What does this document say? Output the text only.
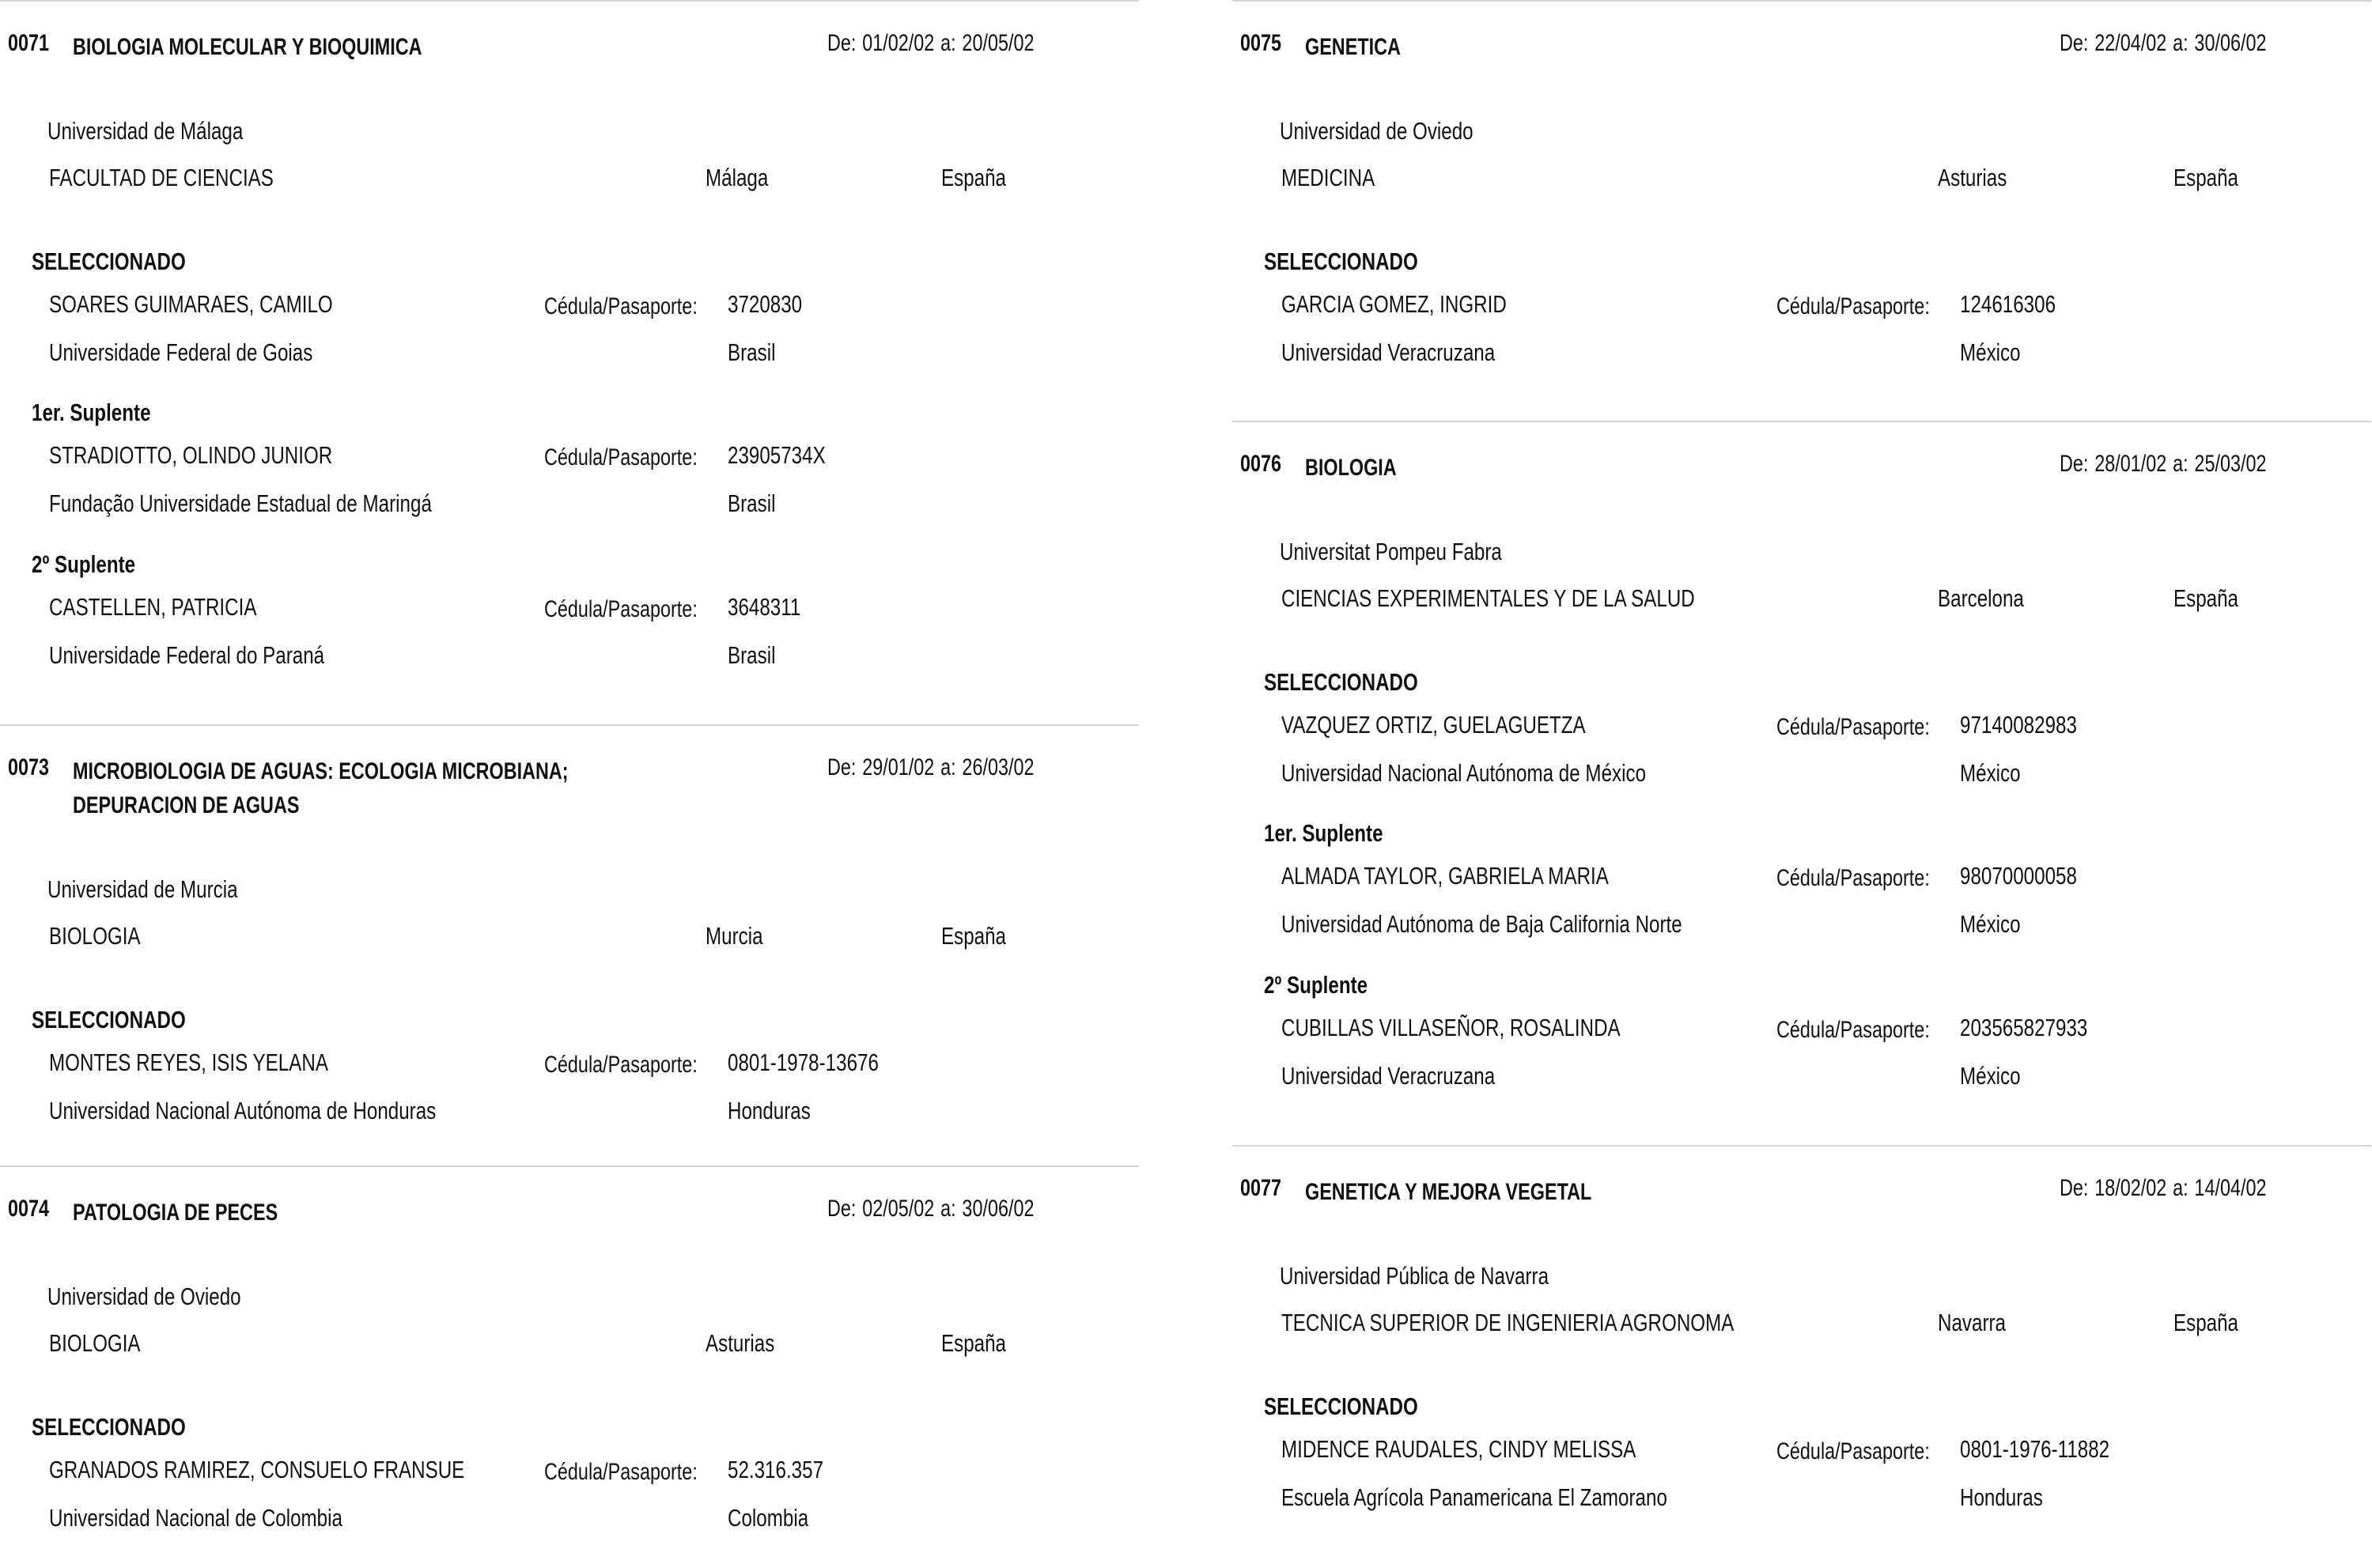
0071 BIOLOGIA MOLECULAR Y BIOQUIMICA	De: 01/02/02 a: 20/05/02
Universidad de Málaga
FACULTAD DE CIENCIAS	Málaga	España
SELECCIONADO
SOARES GUIMARAES, CAMILO	Cédula/Pasaporte: 3720830
Universidade Federal de Goias	Brasil
1er. Suplente
STRADIOTTO, OLINDO JUNIOR	Cédula/Pasaporte: 23905734X
Fundação Universidade Estadual de Maringá	Brasil
2º Suplente
CASTELLEN, PATRICIA	Cédula/Pasaporte: 3648311
Universidade Federal do Paraná	Brasil
0073 MICROBIOLOGIA DE AGUAS: ECOLOGIA MICROBIANA; DEPURACION DE AGUAS
De: 29/01/02 a: 26/03/02
Universidad de Murcia
BIOLOGIA	Murcia	España
SELECCIONADO
MONTES REYES, ISIS YELANA	Cédula/Pasaporte: 0801-1978-13676
Universidad Nacional Autónoma de Honduras	Honduras
0074 PATOLOGIA DE PECES	De: 02/05/02 a: 30/06/02
Universidad de Oviedo
BIOLOGIA	Asturias	España
SELECCIONADO
GRANADOS RAMIREZ, CONSUELO FRANSUE	Cédula/Pasaporte: 52.316.357
Universidad Nacional de Colombia	Colombia
0075 GENETICA	De: 22/04/02 a: 30/06/02
Universidad de Oviedo
MEDICINA	Asturias	España
SELECCIONADO
GARCIA GOMEZ, INGRID	Cédula/Pasaporte: 124616306
Universidad Veracruzana	México
0076 BIOLOGIA	De: 28/01/02 a: 25/03/02
Universitat Pompeu Fabra
CIENCIAS EXPERIMENTALES Y DE LA SALUD	Barcelona	España
SELECCIONADO
VAZQUEZ ORTIZ, GUELAGUETZA	Cédula/Pasaporte: 97140082983
Universidad Nacional Autónoma de México	México
1er. Suplente
ALMADA TAYLOR, GABRIELA MARIA	Cédula/Pasaporte: 98070000058
Universidad Autónoma de Baja California Norte	México
2º Suplente
CUBILLAS VILLASEÑOR, ROSALINDA	Cédula/Pasaporte: 203565827933
Universidad Veracruzana	México
0077 GENETICA Y MEJORA VEGETAL	De: 18/02/02 a: 14/04/02
Universidad Pública de Navarra
TECNICA SUPERIOR DE INGENIERIA AGRONOMA	Navarra	España
SELECCIONADO
MIDENCE RAUDALES, CINDY MELISSA	Cédula/Pasaporte: 0801-1976-11882
Escuela Agrícola Panamericana El Zamorano	Honduras
